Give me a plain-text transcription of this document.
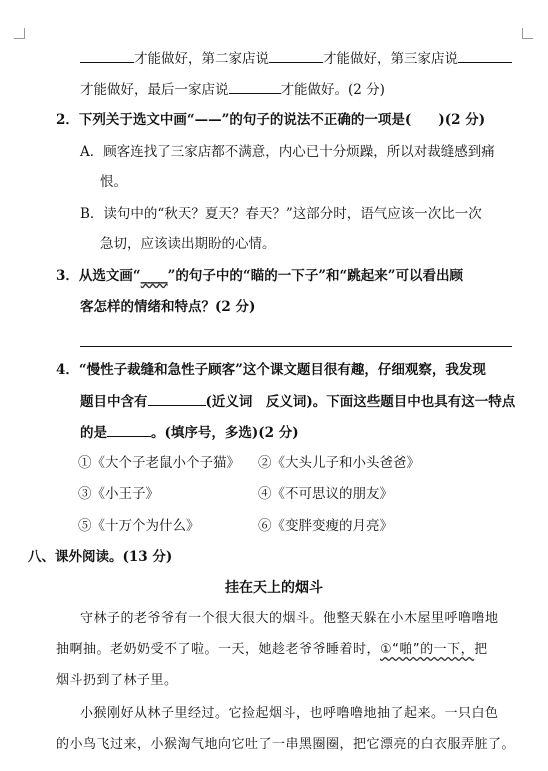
才能做好，第二家店说	才能做好，第三家店说
才能做好，最后一家店说	才能做好。(2 分)
2．下列关于选文中画“——”的句子的说法不正确的一项是(　　)(2 分)
A．顾客连找了三家店都不满意，内心已十分烦躁，所以对裁缝感到痛
恨。
B．读句中的“秋天？夏天？春天？”这部分时，语气应该一次比一次
急切，应该读出期盼的心情。
3．从选文画“____”的句子中的“瞄的一下子”和“跳起来”可以看出顾
客怎样的情绪和特点？(2 分)
4．“慢性子裁缝和急性子顾客”这个课文题目很有趣，仔细观察，我发现
题目中含有	(近义词　反义词)。下面这些题目中也具有这一特点
的是	。(填序号，多选)(2 分)
①《大个子老鼠小个子猫》 ②《大头儿子和小头爸爸》
③《小王子》	④《不可思议的朋友》
⑤《十万个为什么》	⑥《变胖变瘦的月亮》
八、课外阅读。(13 分)
挂在天上的烟斗
守林子的老爷爷有一个很大很大的烟斗。他整天躲在小木屋里呼噜噜地
抽啊抽。老奶奶受不了啦。一天，她趁老爷爷睡着时，①“啪”的一下，把
烟斗扔到了林子里。
小猴刚好从林子里经过。它捡起烟斗，也呼噜噜地抽了起来。一只白色
的小鸟飞过来，小猴淘气地向它吐了一串黑圈圈，把它漂亮的白衣服弄脏了。
